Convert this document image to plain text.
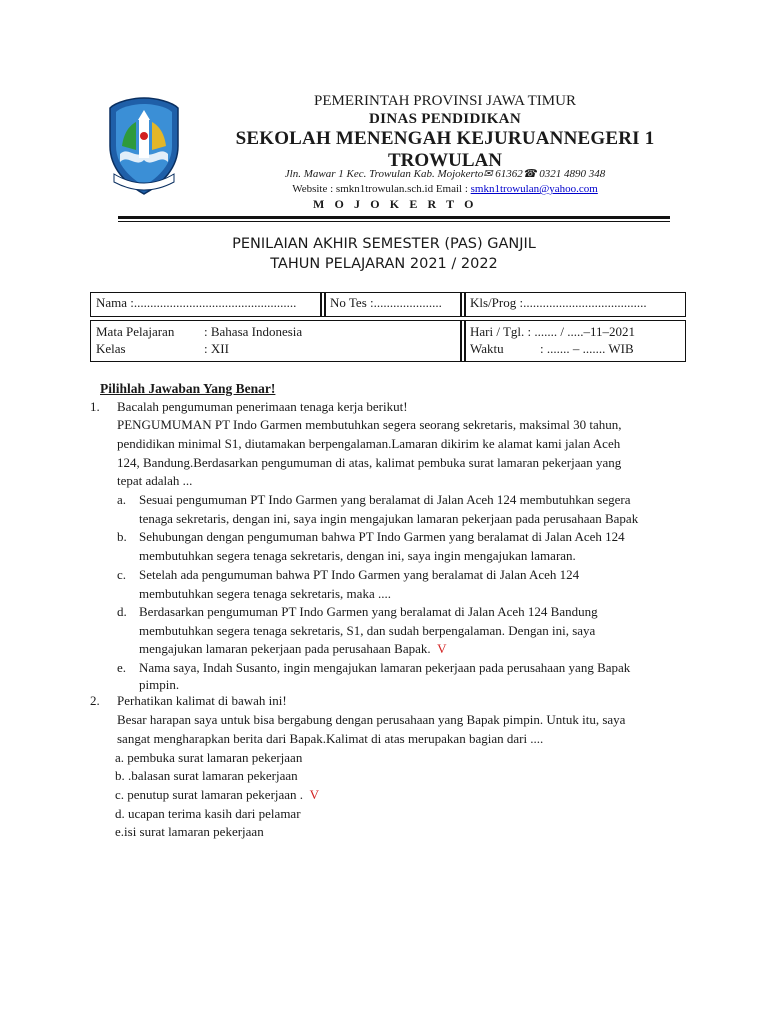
PEMERINTAH PROVINSI JAWA TIMUR
DINAS PENDIDIKAN
SEKOLAH MENENGAH KEJURUANNEGERI 1
TROWULAN
Jln. Mawar 1 Kec. Trowulan Kab. Mojokerto✉ 61362☎ 0321 4890 348
Website : smkn1trowulan.sch.id Email : smkn1trowulan@yahoo.com
M O J O K E R T O
PENILAIAN AKHIR SEMESTER (PAS) GANJIL
TAHUN PELAJARAN 2021 / 2022
Nama :..................................................	No Tes :.....................	Kls/Prog :......................................
Mata Pelajaran : Bahasa Indonesia
Kelas	: XII
Hari / Tgl. : ....... / .....–11–2021
Waktu	: ....... – ....... WIB
Pilihlah Jawaban Yang Benar!
1. Bacalah pengumuman penerimaan tenaga kerja berikut!
PENGUMUMAN PT Indo Garmen membutuhkan segera seorang sekretaris, maksimal 30 tahun,
pendidikan minimal S1, diutamakan berpengalaman.Lamaran dikirim ke alamat kami jalan Aceh
124, Bandung.Berdasarkan pengumuman di atas, kalimat pembuka surat lamaran pekerjaan yang
tepat adalah ...
a. Sesuai pengumuman PT Indo Garmen yang beralamat di Jalan Aceh 124 membutuhkan segera
tenaga sekretaris, dengan ini, saya ingin mengajukan lamaran pekerjaan pada perusahaan Bapak
b. Sehubungan dengan pengumuman bahwa PT Indo Garmen yang beralamat di Jalan Aceh 124
membutuhkan segera tenaga sekretaris, dengan ini, saya ingin mengajukan lamaran.
c. Setelah ada pengumuman bahwa PT Indo Garmen yang beralamat di Jalan Aceh 124
membutuhkan segera tenaga sekretaris, maka ....
d. Berdasarkan pengumuman PT Indo Garmen yang beralamat di Jalan Aceh 124 Bandung
membutuhkan segera tenaga sekretaris, S1, dan sudah berpengalaman. Dengan ini, saya
mengajukan lamaran pekerjaan pada perusahaan Bapak. V
e. Nama saya, Indah Susanto, ingin mengajukan lamaran pekerjaan pada perusahaan yang Bapak
pimpin.
2. Perhatikan kalimat di bawah ini!
Besar harapan saya untuk bisa bergabung dengan perusahaan yang Bapak pimpin. Untuk itu, saya
sangat mengharapkan berita dari Bapak.Kalimat di atas merupakan bagian dari ....
a. pembuka surat lamaran pekerjaan
b. .balasan surat lamaran pekerjaan
c. penutup surat lamaran pekerjaan . V
d. ucapan terima kasih dari pelamar
e.isi surat lamaran pekerjaan
